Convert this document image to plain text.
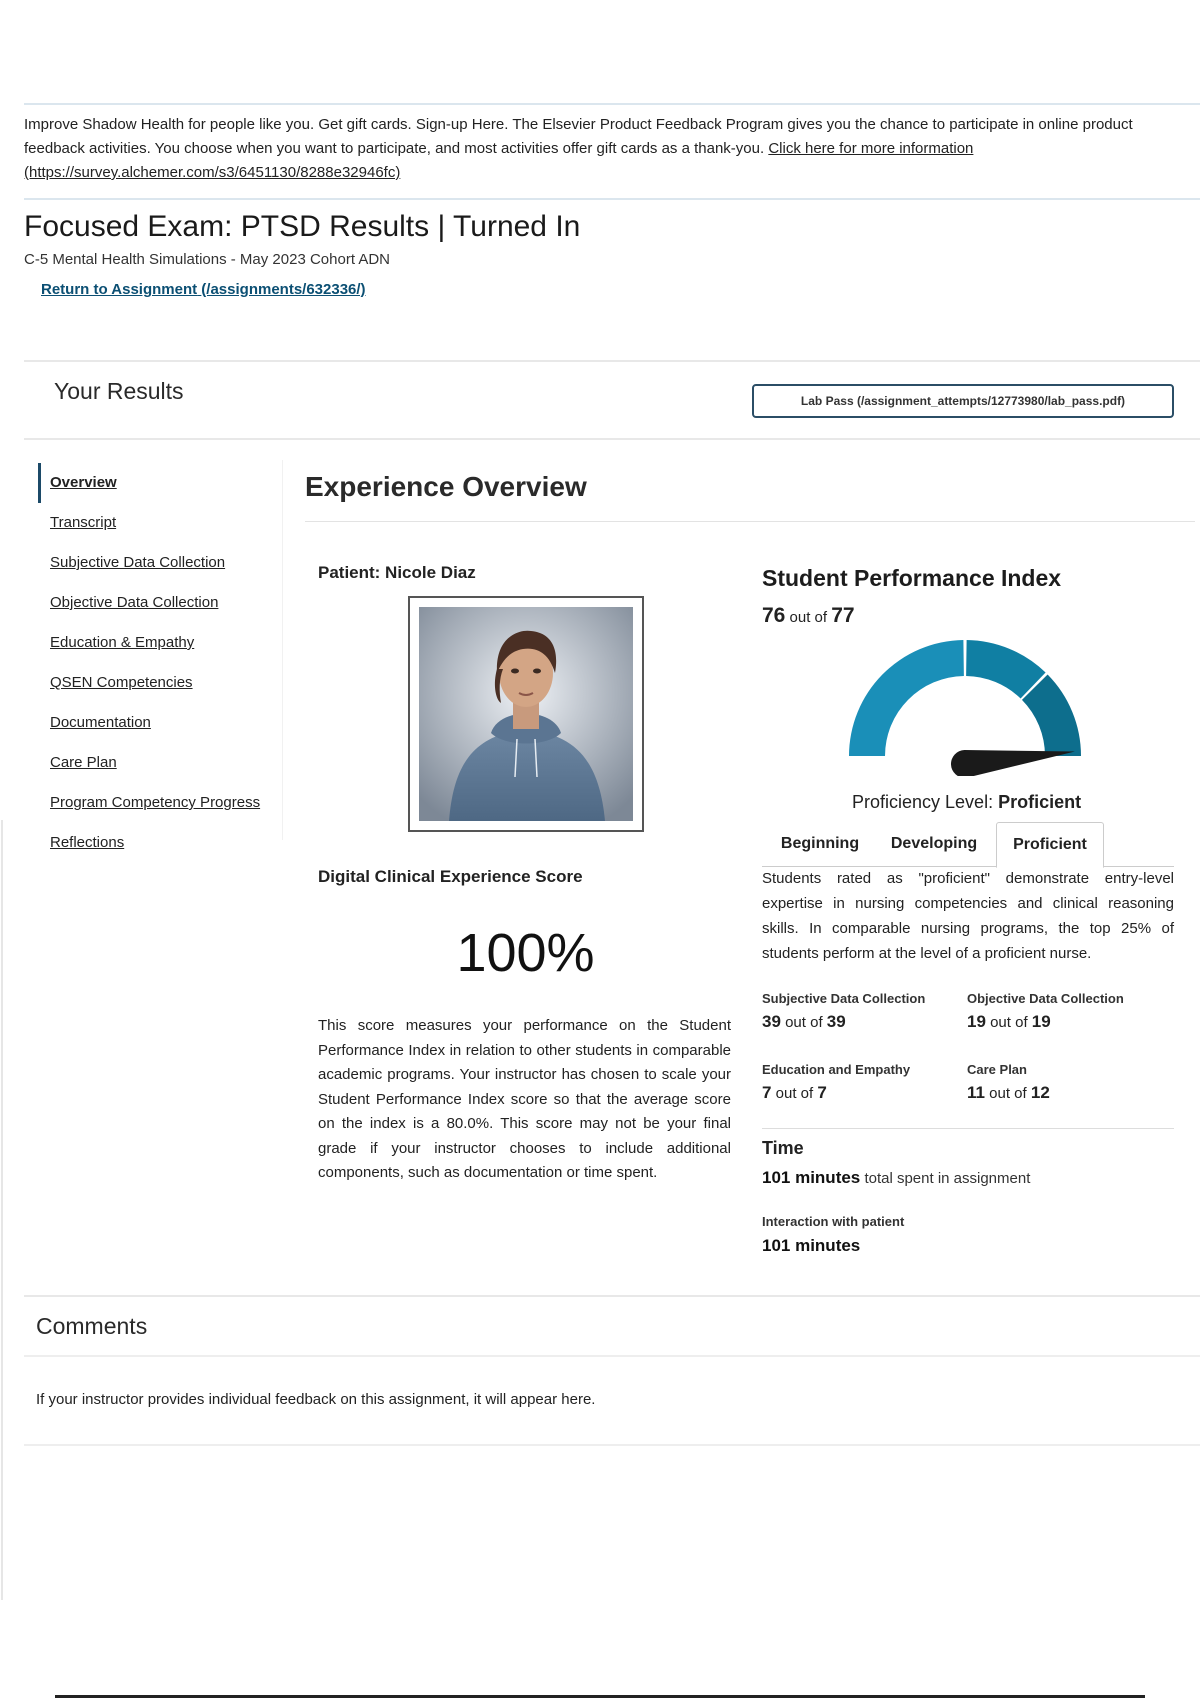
Improve Shadow Health for people like you. Get gift cards. Sign-up Here. The Elsevier Product Feedback Program gives you the chance to participate in online product feedback activities. You choose when you want to participate, and most activities offer gift cards as a thank-you. Click here for more information (https://survey.alchemer.com/s3/6451130/8288e32946fc)
Focused Exam: PTSD Results | Turned In
C-5 Mental Health Simulations - May 2023 Cohort ADN
Return to Assignment (/assignments/632336/)
Your Results	Lab Pass (/assignment_attempts/12773980/lab_pass.pdf)
Overview
Transcript
Subjective Data Collection
Objective Data Collection
Education & Empathy
QSEN Competencies
Documentation
Care Plan
Program Competency Progress
Reflections
Experience Overview
Patient: Nicole Diaz
Digital Clinical Experience Score
100%
This score measures your performance on the Student Performance Index in relation to other students in comparable academic programs. Your instructor has chosen to scale your Student Performance Index score so that the average score on the index is a 80.0%. This score may not be your final grade if your instructor chooses to include additional components, such as documentation or time spent.
Student Performance Index
76 out of 77
Proficiency Level: Proficient
Beginning	Developing	Proficient
Students rated as "proficient" demonstrate entry-level expertise in nursing competencies and clinical reasoning skills. In comparable nursing programs, the top 25% of students perform at the level of a proficient nurse.
Subjective Data Collection
39 out of 39
Objective Data Collection
19 out of 19
Education and Empathy
7 out of 7
Care Plan
11 out of 12
Time
101 minutes total spent in assignment
Interaction with patient
101 minutes
Comments
If your instructor provides individual feedback on this assignment, it will appear here.
